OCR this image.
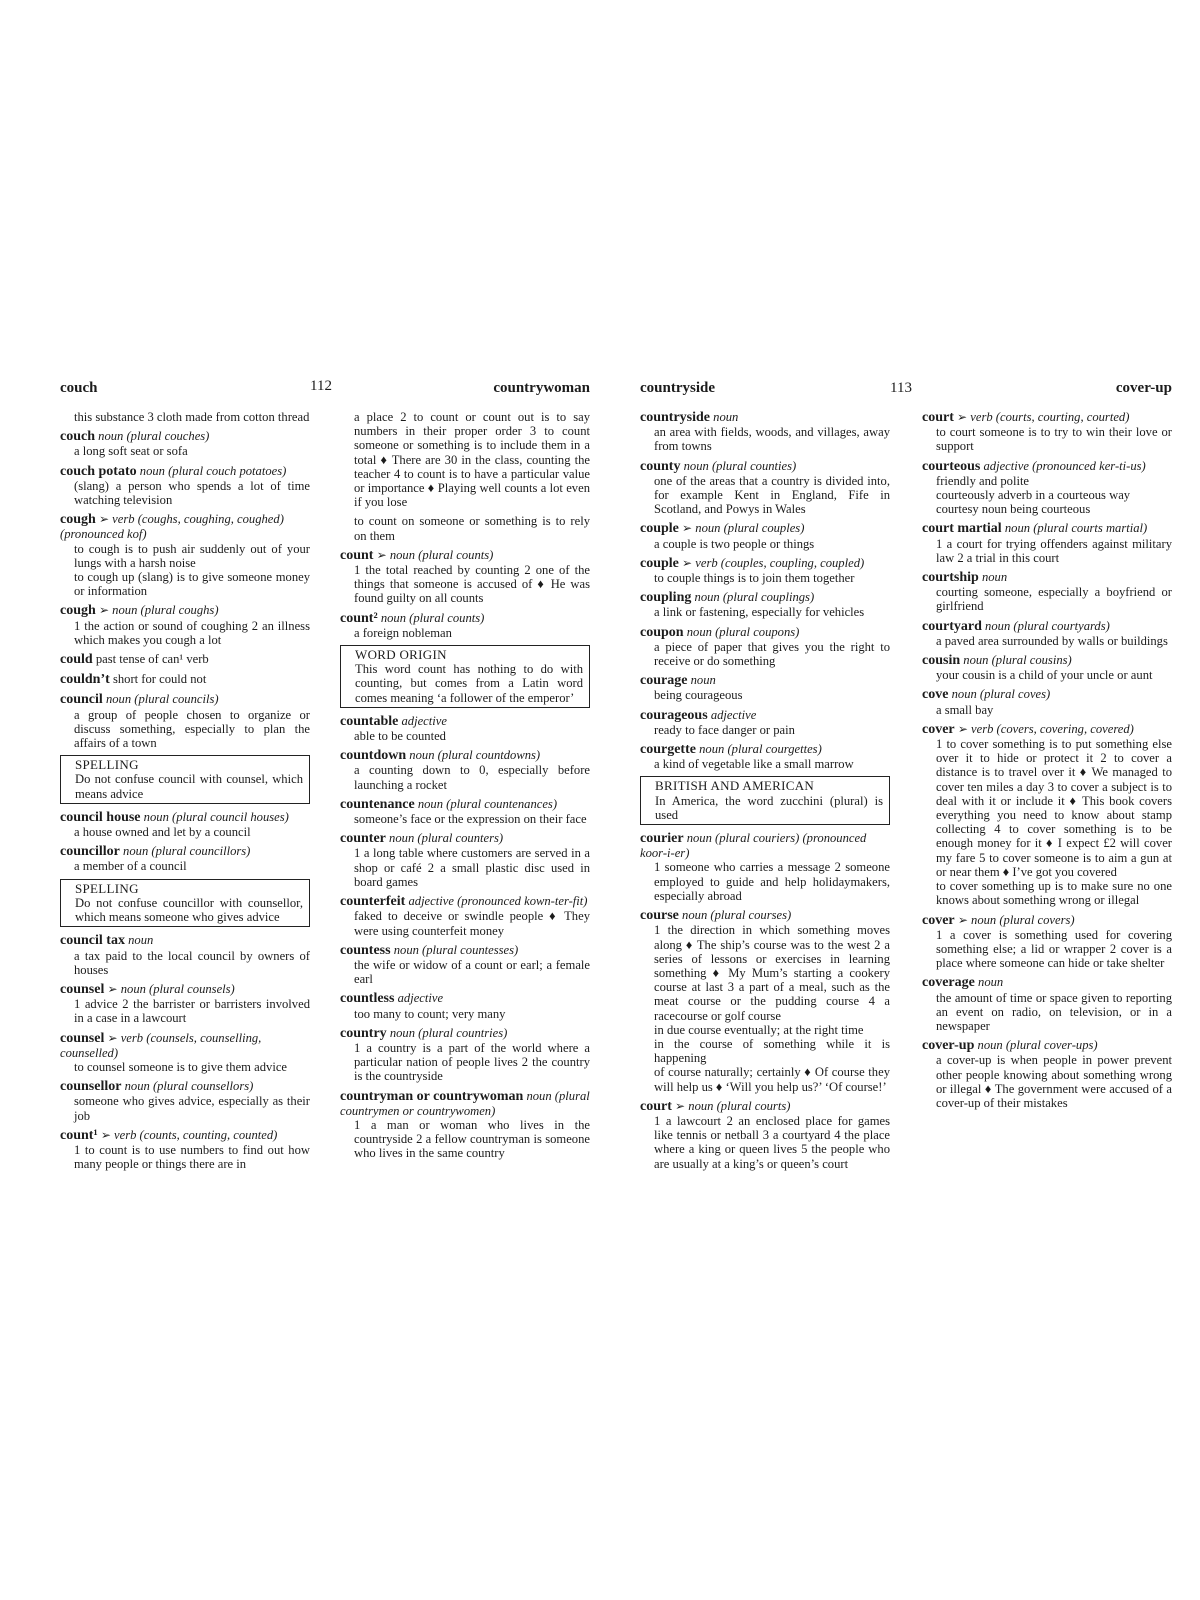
couch	112	countrywoman
this substance 3 cloth made from cotton thread
couch noun (plural couches)
a long soft seat or sofa
couch potato noun (plural couch potatoes)
(slang) a person who spends a lot of time watching television
cough ➢ verb (coughs, coughing, coughed) (pronounced kof)
to cough is to push air suddenly out of your lungs with a harsh noise
to cough up (slang) is to give someone money or information
cough ➢ noun (plural coughs)
1 the action or sound of coughing 2 an illness which makes you cough a lot
could past tense of can¹ verb
couldn’t short for could not
council noun (plural councils)
a group of people chosen to organize or discuss something, especially to plan the affairs of a town
SPELLING
Do not confuse council with counsel, which means advice
council house noun (plural council houses)
a house owned and let by a council
councillor noun (plural councillors)
a member of a council
SPELLING
Do not confuse councillor with counsellor, which means someone who gives advice
council tax noun
a tax paid to the local council by owners of houses
counsel ➢ noun (plural counsels)
1 advice 2 the barrister or barristers involved in a case in a lawcourt
counsel ➢ verb (counsels, counselling, counselled)
to counsel someone is to give them advice
counsellor noun (plural counsellors)
someone who gives advice, especially as their job
count¹ ➢ verb (counts, counting, counted)
1 to count is to use numbers to find out how many people or things there are in
a place 2 to count or count out is to say numbers in their proper order 3 to count someone or something is to include them in a total ♦ There are 30 in the class, counting the teacher 4 to count is to have a particular value or importance ♦ Playing well counts a lot even if you lose
to count on someone or something is to rely on them
count ➢ noun (plural counts)
1 the total reached by counting 2 one of the things that someone is accused of ♦ He was found guilty on all counts
count² noun (plural counts)
a foreign nobleman
WORD ORIGIN
This word count has nothing to do with counting, but comes from a Latin word comes meaning ‘a follower of the emperor’
countable adjective
able to be counted
countdown noun (plural countdowns)
a counting down to 0, especially before launching a rocket
countenance noun (plural countenances)
someone’s face or the expression on their face
counter noun (plural counters)
1 a long table where customers are served in a shop or café 2 a small plastic disc used in board games
counterfeit adjective (pronounced kown-ter-fit)
faked to deceive or swindle people ♦ They were using counterfeit money
countess noun (plural countesses)
the wife or widow of a count or earl; a female earl
countless adjective
too many to count; very many
country noun (plural countries)
1 a country is a part of the world where a particular nation of people lives 2 the country is the countryside
countryman or countrywoman noun (plural countrymen or countrywomen)
1 a man or woman who lives in the countryside 2 a fellow countryman is someone who lives in the same country
countryside	113	cover-up
countryside noun
an area with fields, woods, and villages, away from towns
county noun (plural counties)
one of the areas that a country is divided into, for example Kent in England, Fife in Scotland, and Powys in Wales
couple ➢ noun (plural couples)
a couple is two people or things
couple ➢ verb (couples, coupling, coupled)
to couple things is to join them together
coupling noun (plural couplings)
a link or fastening, especially for vehicles
coupon noun (plural coupons)
a piece of paper that gives you the right to receive or do something
courage noun
being courageous
courageous adjective
ready to face danger or pain
courgette noun (plural courgettes)
a kind of vegetable like a small marrow
BRITISH AND AMERICAN
In America, the word zucchini (plural) is used
courier noun (plural couriers) (pronounced koor-i-er)
1 someone who carries a message 2 someone employed to guide and help holidaymakers, especially abroad
course noun (plural courses)
1 the direction in which something moves along ♦ The ship’s course was to the west 2 a series of lessons or exercises in learning something ♦ My Mum’s starting a cookery course at last 3 a part of a meal, such as the meat course or the pudding course 4 a racecourse or golf course
in due course eventually; at the right time
in the course of something while it is happening
of course naturally; certainly ♦ Of course they will help us ♦ ‘Will you help us?’ ‘Of course!’
court ➢ noun (plural courts)
1 a lawcourt 2 an enclosed place for games like tennis or netball 3 a courtyard 4 the place where a king or queen lives 5 the people who are usually at a king’s or queen’s court
court ➢ verb (courts, courting, courted)
to court someone is to try to win their love or support
courteous adjective (pronounced ker-ti-us)
friendly and polite
courteously adverb in a courteous way
courtesy noun being courteous
court martial noun (plural courts martial)
1 a court for trying offenders against military law 2 a trial in this court
courtship noun
courting someone, especially a boyfriend or girlfriend
courtyard noun (plural courtyards)
a paved area surrounded by walls or buildings
cousin noun (plural cousins)
your cousin is a child of your uncle or aunt
cove noun (plural coves)
a small bay
cover ➢ verb (covers, covering, covered)
1 to cover something is to put something else over it to hide or protect it 2 to cover a distance is to travel over it ♦ We managed to cover ten miles a day 3 to cover a subject is to deal with it or include it ♦ This book covers everything you need to know about stamp collecting 4 to cover something is to be enough money for it ♦ I expect £2 will cover my fare 5 to cover someone is to aim a gun at or near them ♦ I’ve got you covered
to cover something up is to make sure no one knows about something wrong or illegal
cover ➢ noun (plural covers)
1 a cover is something used for covering something else; a lid or wrapper 2 cover is a place where someone can hide or take shelter
coverage noun
the amount of time or space given to reporting an event on radio, on television, or in a newspaper
cover-up noun (plural cover-ups)
a cover-up is when people in power prevent other people knowing about something wrong or illegal ♦ The government were accused of a cover-up of their mistakes
